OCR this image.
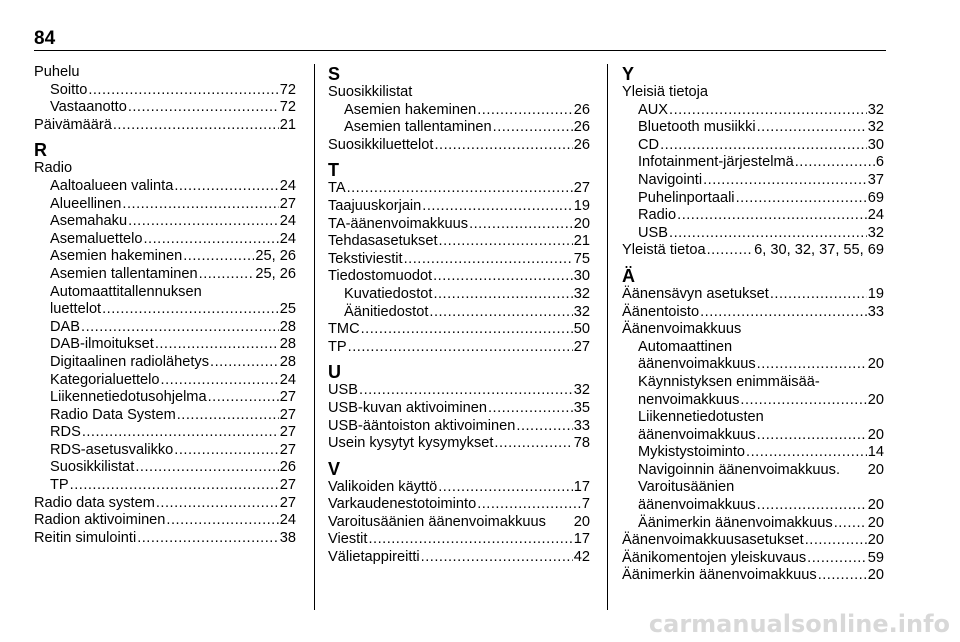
84
Puhelu
Soitto .....	72
Vastaanotto .....	72
Päivämäärä .....	21
R
Radio
Aaltoalueen valinta .....	24
Alueellinen .....	27
Asemahaku .....	24
Asemaluettelo .....	24
Asemien hakeminen .....	25, 26
Asemien tallentaminen .....	25, 26
Automaattitallennuksen
luettelot .....	25
DAB .....	28
DAB-ilmoitukset .....	28
Digitaalinen radiolähetys .....	28
Kategorialuettelo .....	24
Liikennetiedotusohjelma .....	27
Radio Data System .....	27
RDS .....	27
RDS-asetusvalikko .....	27
Suosikkilistat .....	26
TP .....	27
Radio data system .....	27
Radion aktivoiminen .....	24
Reitin simulointi .....	38
S
Suosikkilistat
Asemien hakeminen .....	26
Asemien tallentaminen .....	26
Suosikkiluettelot .....	26
T
TA .....	27
Taajuuskorjain .....	19
TA-äänenvoimakkuus .....	20
Tehdasasetukset .....	21
Tekstiviestit .....	75
Tiedostomuodot .....	30
Kuvatiedostot .....	32
Äänitiedostot .....	32
TMC .....	50
TP .....	27
U
USB .....	32
USB-kuvan aktivoiminen .....	35
USB-ääntoiston aktivoiminen .....	33
Usein kysytyt kysymykset .....	78
V
Valikoiden käyttö .....	17
Varkaudenestotoiminto .....	7
Varoitusäänien äänenvoimakkuus 20
Viestit .....	17
Välietappireitti .....	42
Y
Yleisiä tietoja
AUX .....	32
Bluetooth musiikki .....	32
CD .....	30
Infotainment-järjestelmä .....	6
Navigointi .....	37
Puhelinportaali .....	69
Radio .....	24
USB .....	32
Yleistä tietoa .....	6, 30, 32, 37, 55, 69
Ä
Äänensävyn asetukset .....	19
Äänentoisto .....	33
Äänenvoimakkuus
Automaattinen
äänenvoimakkuus .....	20
Käynnistyksen enimmäisää-
nenvoimakkuus .....	20
Liikennetiedotusten
äänenvoimakkuus .....	20
Mykistystoiminto .....	14
Navigoinnin äänenvoimakkuus. 20
Varoitusäänien
äänenvoimakkuus .....	20
Äänimerkin äänenvoimakkuus ..... 20
Äänenvoimakkuusasetukset .....	20
Äänikomentojen yleiskuvaus .....	59
Äänimerkin äänenvoimakkuus .....	20
carmanualsonline.info
